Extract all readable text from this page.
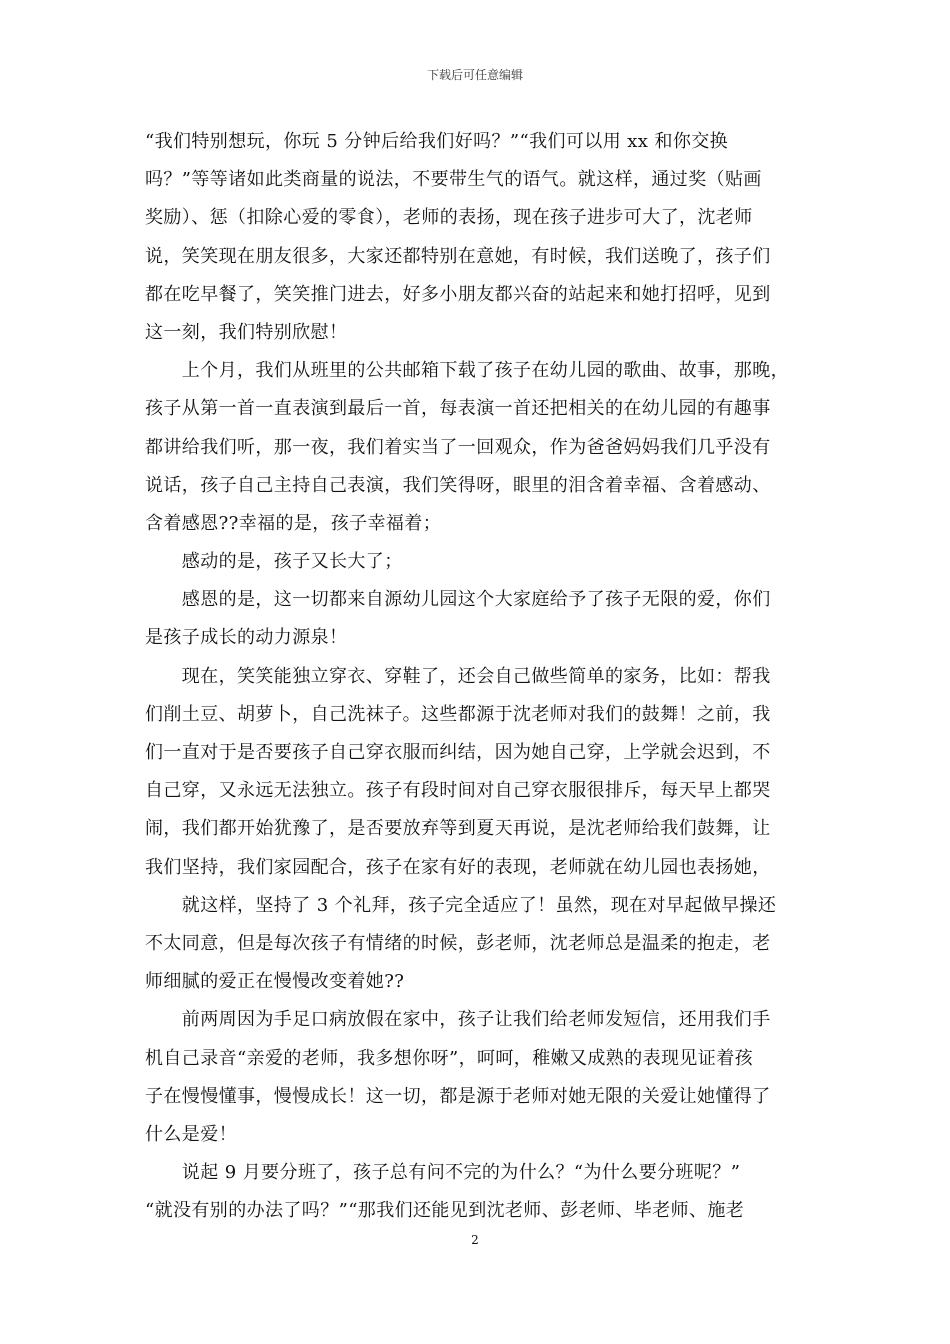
下载后可任意编辑
“我们特别想玩，你玩 5 分钟后给我们好吗？”“我们可以用 xx 和你交换
吗？”等等诸如此类商量的说法，不要带生气的语气。就这样，通过奖（贴画
奖励）、惩（扣除心爱的零食），老师的表扬，现在孩子进步可大了，沈老师
说，笑笑现在朋友很多，大家还都特别在意她，有时候，我们送晚了，孩子们
都在吃早餐了，笑笑推门进去，好多小朋友都兴奋的站起来和她打招呼，见到
这一刻，我们特别欣慰！
　　上个月，我们从班里的公共邮箱下载了孩子在幼儿园的歌曲、故事，那晚，
孩子从第一首一直表演到最后一首，每表演一首还把相关的在幼儿园的有趣事
都讲给我们听，那一夜，我们着实当了一回观众，作为爸爸妈妈我们几乎没有
说话，孩子自己主持自己表演，我们笑得呀，眼里的泪含着幸福、含着感动、
含着感恩??幸福的是，孩子幸福着；
　　感动的是，孩子又长大了；
　　感恩的是，这一切都来自源幼儿园这个大家庭给予了孩子无限的爱，你们
是孩子成长的动力源泉！
　　现在，笑笑能独立穿衣、穿鞋了，还会自己做些简单的家务，比如：帮我
们削土豆、胡萝卜，自己洗袜子。这些都源于沈老师对我们的鼓舞！之前，我
们一直对于是否要孩子自己穿衣服而纠结，因为她自己穿，上学就会迟到，不
自己穿，又永远无法独立。孩子有段时间对自己穿衣服很排斥，每天早上都哭
闹，我们都开始犹豫了，是否要放弃等到夏天再说，是沈老师给我们鼓舞，让
我们坚持，我们家园配合，孩子在家有好的表现，老师就在幼儿园也表扬她，
　　就这样，坚持了 3 个礼拜，孩子完全适应了！虽然，现在对早起做早操还
不太同意，但是每次孩子有情绪的时候，彭老师，沈老师总是温柔的抱走，老
师细腻的爱正在慢慢改变着她??
　　前两周因为手足口病放假在家中，孩子让我们给老师发短信，还用我们手
机自己录音“亲爱的老师，我多想你呀”，呵呵，稚嫩又成熟的表现见证着孩
子在慢慢懂事，慢慢成长！这一切，都是源于老师对她无限的关爱让她懂得了
什么是爱！
　　说起 9 月要分班了，孩子总有问不完的为什么？“为什么要分班呢？”
“就没有别的办法了吗？”“那我们还能见到沈老师、彭老师、毕老师、施老
2
